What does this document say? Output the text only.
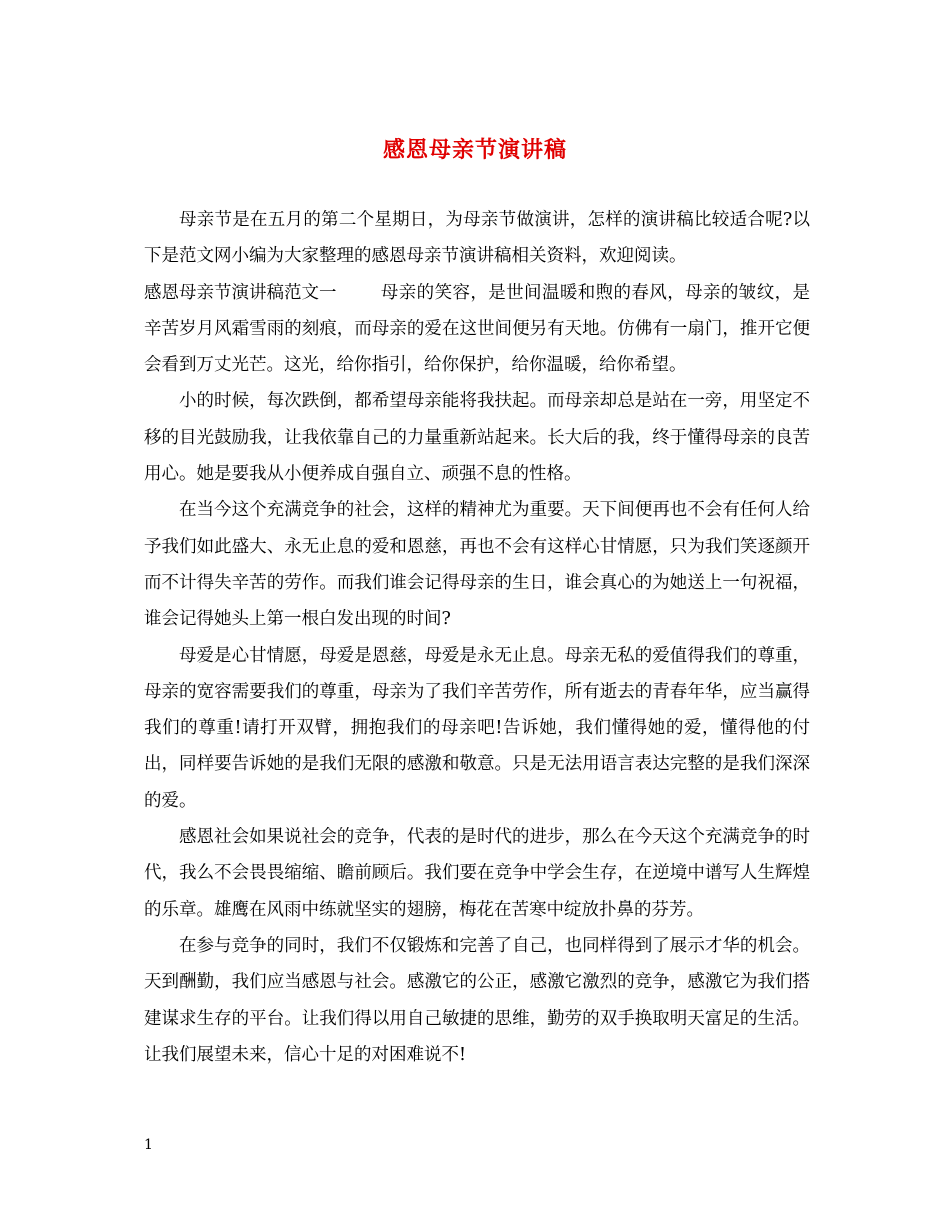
感恩母亲节演讲稿

母亲节是在五月的第二个星期日，为母亲节做演讲，怎样的演讲稿比较适合呢?以下是范文网小编为大家整理的感恩母亲节演讲稿相关资料，欢迎阅读。

感恩母亲节演讲稿范文一	母亲的笑容，是世间温暖和煦的春风，母亲的皱纹，是辛苦岁月风霜雪雨的刻痕，而母亲的爱在这世间便另有天地。仿佛有一扇门，推开它便会看到万丈光芒。这光，给你指引，给你保护，给你温暖，给你希望。

小的时候，每次跌倒，都希望母亲能将我扶起。而母亲却总是站在一旁，用坚定不移的目光鼓励我，让我依靠自己的力量重新站起来。长大后的我，终于懂得母亲的良苦用心。她是要我从小便养成自强自立、顽强不息的性格。

在当今这个充满竞争的社会，这样的精神尤为重要。天下间便再也不会有任何人给予我们如此盛大、永无止息的爱和恩慈，再也不会有这样心甘情愿，只为我们笑逐颜开而不计得失辛苦的劳作。而我们谁会记得母亲的生日，谁会真心的为她送上一句祝福，谁会记得她头上第一根白发出现的时间?

母爱是心甘情愿，母爱是恩慈，母爱是永无止息。母亲无私的爱值得我们的尊重，母亲的宽容需要我们的尊重，母亲为了我们辛苦劳作，所有逝去的青春年华，应当赢得我们的尊重!请打开双臂，拥抱我们的母亲吧!告诉她，我们懂得她的爱，懂得他的付出，同样要告诉她的是我们无限的感激和敬意。只是无法用语言表达完整的是我们深深的爱。

感恩社会如果说社会的竞争，代表的是时代的进步，那么在今天这个充满竞争的时代，我么不会畏畏缩缩、瞻前顾后。我们要在竞争中学会生存，在逆境中谱写人生辉煌的乐章。雄鹰在风雨中练就坚实的翅膀，梅花在苦寒中绽放扑鼻的芬芳。

在参与竞争的同时，我们不仅锻炼和完善了自己，也同样得到了展示才华的机会。天到酬勤，我们应当感恩与社会。感激它的公正，感激它激烈的竞争，感激它为我们搭建谋求生存的平台。让我们得以用自己敏捷的思维，勤劳的双手换取明天富足的生活。让我们展望未来，信心十足的对困难说不!

1
